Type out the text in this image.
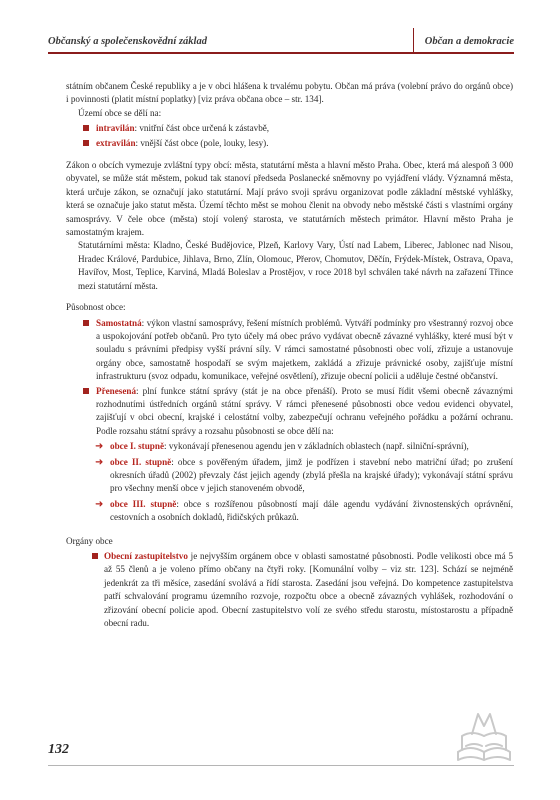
Občanský a společenskovědní základ	Občan a demokracie

státním občanem České republiky a je v obci hlášena k trvalému pobytu. Občan má práva (volební právo do orgánů obce) i povinnosti (platit místní poplatky) [viz práva občana obce – str. 134].

Území obce se dělí na:

intravilán: vnitřní část obce určená k zástavbě,
extravilán: vnější část obce (pole, louky, lesy).

Zákon o obcích vymezuje zvláštní typy obcí: města, statutární města a hlavní město Praha. Obec, která má alespoň 3 000 obyvatel, se může stát městem, pokud tak stanoví předseda Poslanecké sněmovny po vyjádření vlády. Významná města, která určuje zákon, se označují jako statutární. Mají právo svoji správu organizovat podle základní městské vyhlášky, která se označuje jako statut města. Území těchto měst se mohou členit na obvody nebo městské části s vlastními orgány samosprávy. V čele obce (města) stojí volený starosta, ve statutárních městech primátor. Hlavní město Praha je samostatným krajem.

Statutárními města: Kladno, České Budějovice, Plzeň, Karlovy Vary, Ústí nad Labem, Liberec, Jablonec nad Nisou, Hradec Králové, Pardubice, Jihlava, Brno, Zlín, Olomouc, Přerov, Chomutov, Děčín, Frýdek-Místek, Ostrava, Opava, Havířov, Most, Teplice, Karviná, Mladá Boleslav a Prostějov, v roce 2018 byl schválen také návrh na zařazení Třince mezi statutární města.

Působnost obce:

Samostatná: výkon vlastní samosprávy, řešení místních problémů. Vytváří podmínky pro všestranný rozvoj obce a uspokojování potřeb občanů. Pro tyto účely má obec právo vydávat obecně závazné vyhlášky, které musí být v souladu s právními předpisy vyšší právní síly. V rámci samostatné působnosti obec volí, zřizuje a ustanovuje orgány obce, samostatně hospodaří se svým majetkem, zakládá a zřizuje právnické osoby, zajišťuje místní infrastrukturu (svoz odpadu, komunikace, veřejné osvětlení), zřizuje obecní policii a uděluje čestné občanství.
Přenesená: plní funkce státní správy (stát je na obce přenáší). Proto se musí řídit všemi obecně závaznými rozhodnutími ústředních orgánů státní správy. V rámci přenesené působnosti obce vedou evidenci obyvatel, zajišťují v obci obecní, krajské i celostátní volby, zabezpečují ochranu veřejného pořádku a požární ochranu. Podle rozsahu státní správy a rozsahu působnosti se obce dělí na:
➜ obce I. stupně: vykonávají přenesenou agendu jen v základních oblastech (např. silniční-správní),
➜ obce II. stupně: obce s pověřeným úřadem, jimž je podřízen i stavební nebo matriční úřad; po zrušení okresních úřadů (2002) převzaly část jejich agendy (zbylá přešla na krajské úřady); vykonávají státní správu pro všechny menší obce v jejich stanoveném obvodě,
➜ obce III. stupně: obce s rozšířenou působností mají dále agendu vydávání živnostenských oprávnění, cestovních a osobních dokladů, řidičských průkazů.

Orgány obce

Obecní zastupitelstvo je nejvyšším orgánem obce v oblasti samostatné působnosti. Podle velikosti obce má 5 až 55 členů a je voleno přímo občany na čtyři roky. [Komunální volby – viz str. 123]. Schází se nejméně jedenkrát za tři měsíce, zasedání svolává a řídí starosta. Zasedání jsou veřejná. Do kompetence zastupitelstva patří schvalování programu územního rozvoje, rozpočtu obce a obecně závazných vyhlášek, rozhodování o zřizování obecní policie apod. Obecní zastupitelstvo volí ze svého středu starostu, místostarostu a případně obecní radu.
132
